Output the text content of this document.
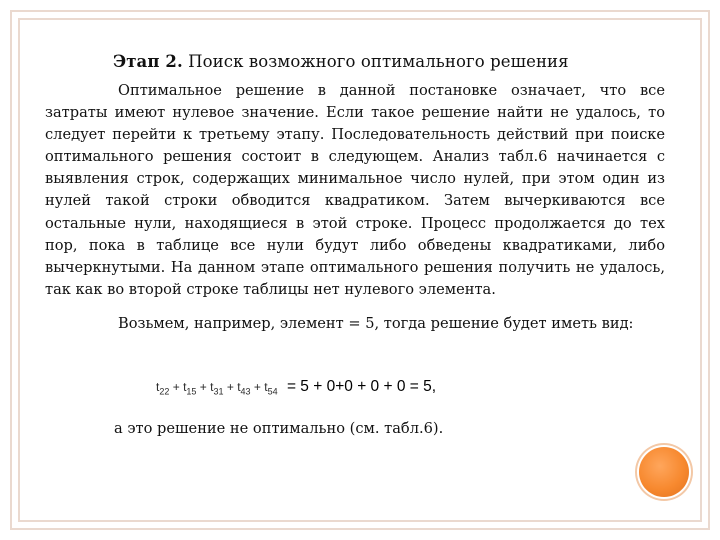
Этап 2. Поиск возможного оптимального решения
Оптимальное решение в данной постановке означает, что все затраты имеют нулевое значение. Если такое решение найти не удалось, то следует перейти к третьему этапу. Последовательность действий при поиске оптимального решения состоит в следующем. Анализ табл.6 начинается с выявления строк, содержащих минимальное число нулей, при этом один из нулей такой строки обводится квадратиком. Затем вычеркиваются все остальные нули, находящиеся в этой строке. Процесс продолжается до тех пор, пока в таблице все нули будут либо обведены квадратиками, либо вычеркнутыми. На данном этапе оптимального решения получить не удалось, так как во второй строке таблицы нет нулевого элемента.
Возьмем, например, элемент = 5, тогда решение будет иметь вид:
$t_{22} + t_{15} + t_{31} + t_{43} + t_{54} = 5 + 0+0 + 0 + 0 = 5$,
а это решение не оптимально (см. табл.6).
